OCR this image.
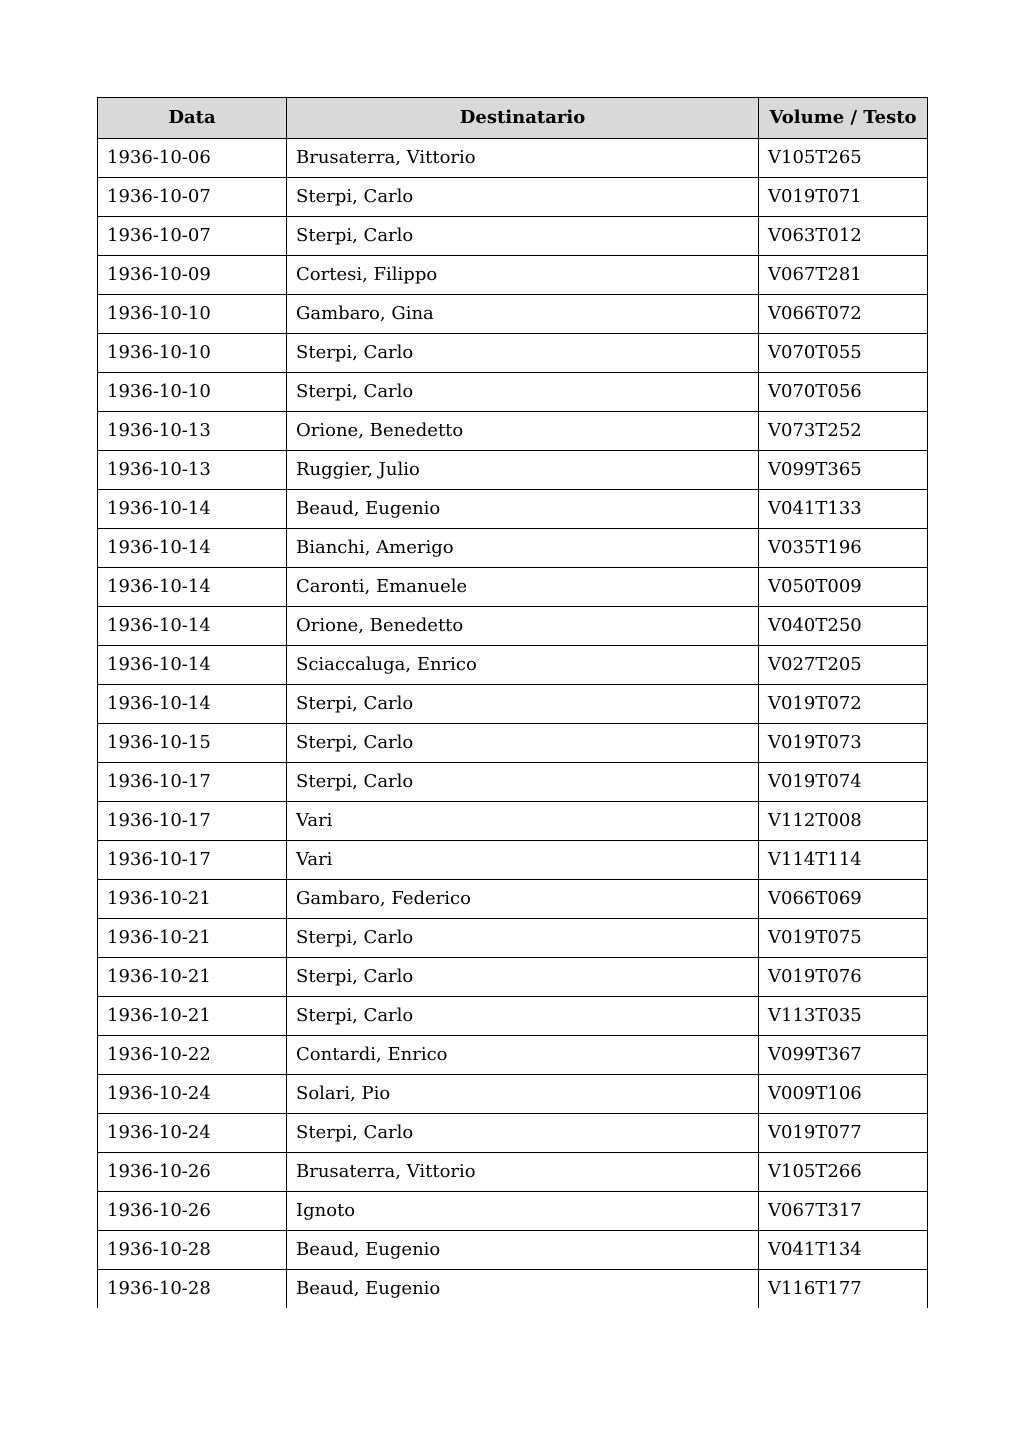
Data	Destinatario	Volume / Testo
1936-10-06	Brusaterra, Vittorio	V105T265
1936-10-07	Sterpi, Carlo	V019T071
1936-10-07	Sterpi, Carlo	V063T012
1936-10-09	Cortesi, Filippo	V067T281
1936-10-10	Gambaro, Gina	V066T072
1936-10-10	Sterpi, Carlo	V070T055
1936-10-10	Sterpi, Carlo	V070T056
1936-10-13	Orione, Benedetto	V073T252
1936-10-13	Ruggier, Julio	V099T365
1936-10-14	Beaud, Eugenio	V041T133
1936-10-14	Bianchi, Amerigo	V035T196
1936-10-14	Caronti, Emanuele	V050T009
1936-10-14	Orione, Benedetto	V040T250
1936-10-14	Sciaccaluga, Enrico	V027T205
1936-10-14	Sterpi, Carlo	V019T072
1936-10-15	Sterpi, Carlo	V019T073
1936-10-17	Sterpi, Carlo	V019T074
1936-10-17	Vari	V112T008
1936-10-17	Vari	V114T114
1936-10-21	Gambaro, Federico	V066T069
1936-10-21	Sterpi, Carlo	V019T075
1936-10-21	Sterpi, Carlo	V019T076
1936-10-21	Sterpi, Carlo	V113T035
1936-10-22	Contardi, Enrico	V099T367
1936-10-24	Solari, Pio	V009T106
1936-10-24	Sterpi, Carlo	V019T077
1936-10-26	Brusaterra, Vittorio	V105T266
1936-10-26	Ignoto	V067T317
1936-10-28	Beaud, Eugenio	V041T134
1936-10-28	Beaud, Eugenio	V116T177
